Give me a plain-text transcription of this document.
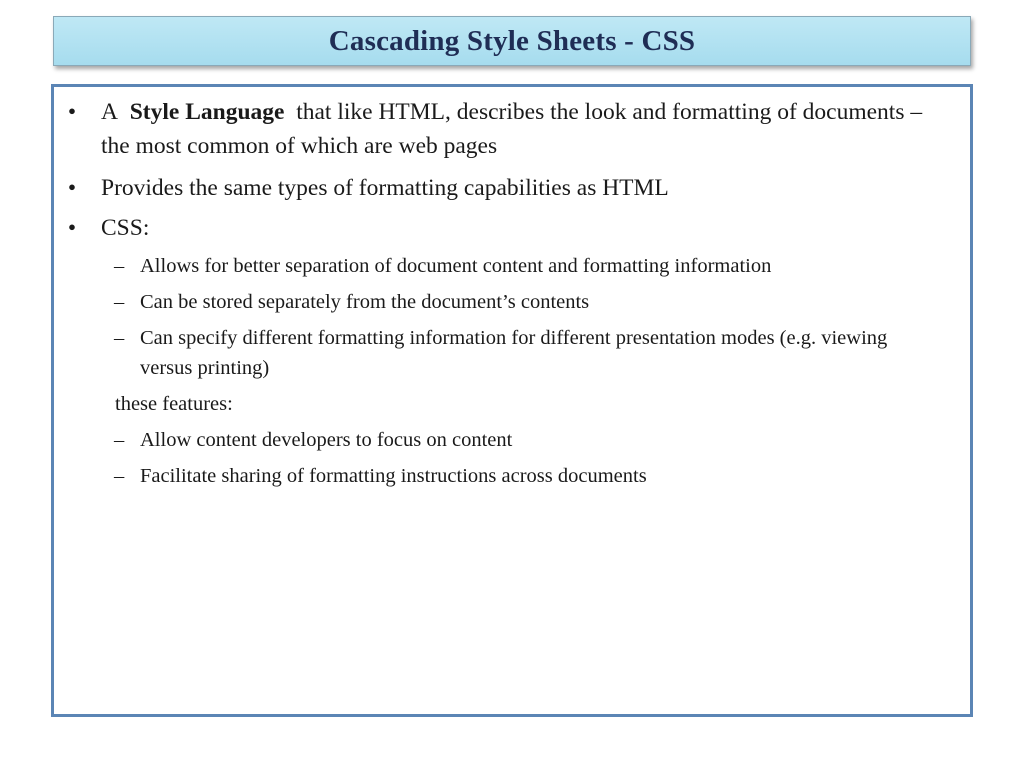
Cascading Style Sheets - CSS
• A Style Language that like HTML, describes the look and formatting of documents – the most common of which are web pages
• Provides the same types of formatting capabilities as HTML
• CSS:
– Allows for better separation of document content and formatting information
– Can be stored separately from the document’s contents
– Can specify different formatting information for different presentation modes (e.g. viewing versus printing)
these features:
– Allow content developers to focus on content
– Facilitate sharing of formatting instructions across documents
